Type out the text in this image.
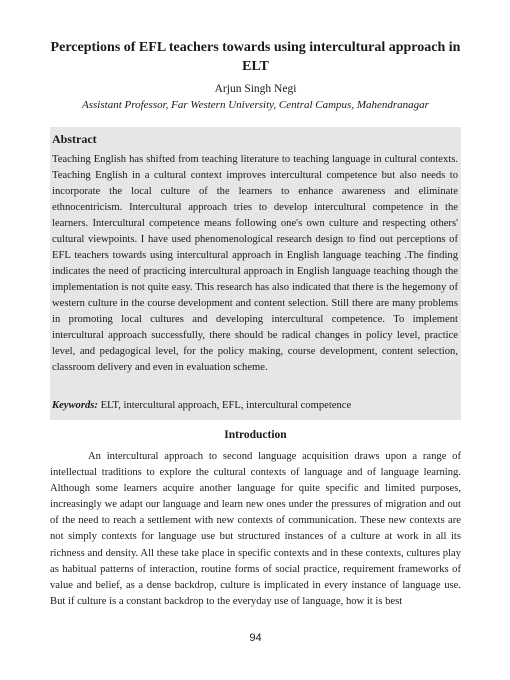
Perceptions of EFL teachers towards using intercultural approach in ELT
Arjun Singh Negi
Assistant Professor, Far Western University, Central Campus, Mahendranagar
Abstract
Teaching English has shifted from teaching literature to teaching language in cultural contexts. Teaching English in a cultural context improves intercultural competence but also needs to incorporate the local culture of the learners to enhance awareness and eliminate ethnocentricism. Intercultural approach tries to develop intercultural competence in the learners. Intercultural competence means following one's own culture and respecting others' cultural viewpoints. I have used phenomenological research design to find out perceptions of EFL teachers towards using intercultural approach in English language teaching .The finding indicates the need of practicing intercultural approach in English language teaching though the implementation is not quite easy. This research has also indicated that there is the hegemony of western culture in the course development and content selection. Still there are many problems in promoting local cultures and developing intercultural competence. To implement intercultural approach successfully, there should be radical changes in policy level, practice level, and pedagogical level, for the policy making, course development, content selection, classroom delivery and even in evaluation scheme.
Keywords: ELT, intercultural approach, EFL, intercultural competence
Introduction
An intercultural approach to second language acquisition draws upon a range of intellectual traditions to explore the cultural contexts of language and of language learning. Although some learners acquire another language for quite specific and limited purposes, increasingly we adapt our language and learn new ones under the pressures of migration and out of the need to reach a settlement with new contexts of communication. These new contexts are not simply contexts for language use but structured instances of a culture at work in all its richness and density. All these take place in specific contexts and in these contexts, cultures play as habitual patterns of interaction, routine forms of social practice, requirement frameworks of value and belief, as a dense backdrop, culture is implicated in every instance of language use. But if culture is a constant backdrop to the everyday use of language, how it is best
94
